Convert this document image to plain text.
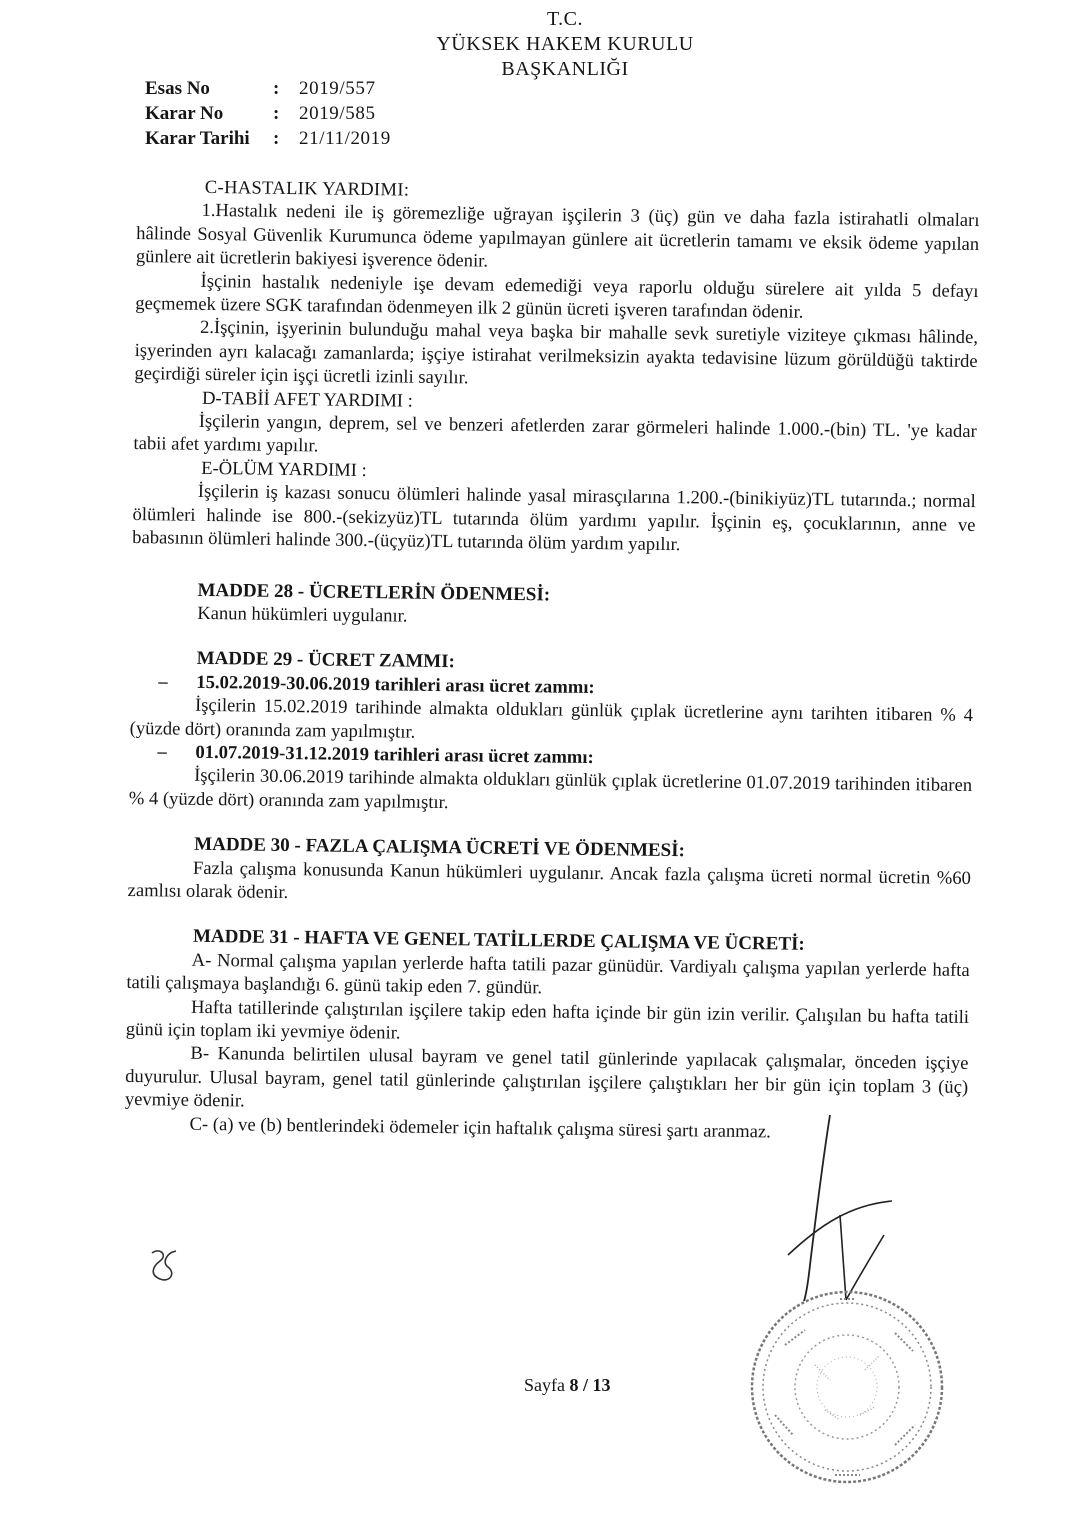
T.C.
YÜKSEK HAKEM KURULU
BAŞKANLIĞI
Esas No	:	2019/557
Karar No	:	2019/585
Karar Tarihi	:	21/11/2019

C-HASTALIK YARDIMI:

1.Hastalık nedeni ile iş göremezliğe uğrayan işçilerin 3 (üç) gün ve daha fazla istirahatli olmaları hâlinde Sosyal Güvenlik Kurumunca ödeme yapılmayan günlere ait ücretlerin tamamı ve eksik ödeme yapılan günlere ait ücretlerin bakiyesi işverence ödenir.

İşçinin hastalık nedeniyle işe devam edemediği veya raporlu olduğu sürelere ait yılda 5 defayı geçmemek üzere SGK tarafından ödenmeyen ilk 2 günün ücreti işveren tarafından ödenir.

2.İşçinin, işyerinin bulunduğu mahal veya başka bir mahalle sevk suretiyle viziteye çıkması hâlinde, işyerinden ayrı kalacağı zamanlarda; işçiye istirahat verilmeksizin ayakta tedavisine lüzum görüldüğü taktirde geçirdiği süreler için işçi ücretli izinli sayılır.

D-TABİİ AFET YARDIMI :

İşçilerin yangın, deprem, sel ve benzeri afetlerden zarar görmeleri halinde 1.000.-(bin) TL. 'ye kadar tabii afet yardımı yapılır.

E-ÖLÜM YARDIMI :

İşçilerin iş kazası sonucu ölümleri halinde yasal mirasçılarına 1.200.-(binikiyüz)TL tutarında.; normal ölümleri halinde ise 800.-(sekizyüz)TL tutarında ölüm yardımı yapılır. İşçinin eş, çocuklarının, anne ve babasının ölümleri halinde 300.-(üçyüz)TL tutarında ölüm yardım yapılır.

MADDE 28 - ÜCRETLERİN ÖDENMESİ:

Kanun hükümleri uygulanır.

MADDE 29 - ÜCRET ZAMMI:

–	15.02.2019-30.06.2019 tarihleri arası ücret zammı:

İşçilerin 15.02.2019 tarihinde almakta oldukları günlük çıplak ücretlerine aynı tarihten itibaren % 4 (yüzde dört) oranında zam yapılmıştır.

–	01.07.2019-31.12.2019 tarihleri arası ücret zammı:

İşçilerin 30.06.2019 tarihinde almakta oldukları günlük çıplak ücretlerine 01.07.2019 tarihinden itibaren % 4 (yüzde dört) oranında zam yapılmıştır.

MADDE 30 - FAZLA ÇALIŞMA ÜCRETİ VE ÖDENMESİ:

Fazla çalışma konusunda Kanun hükümleri uygulanır. Ancak fazla çalışma ücreti normal ücretin %60 zamlısı olarak ödenir.

MADDE 31 - HAFTA VE GENEL TATİLLERDE ÇALIŞMA VE ÜCRETİ:

A- Normal çalışma yapılan yerlerde hafta tatili pazar günüdür. Vardiyalı çalışma yapılan yerlerde hafta tatili çalışmaya başlandığı 6. günü takip eden 7. gündür.

Hafta tatillerinde çalıştırılan işçilere takip eden hafta içinde bir gün izin verilir. Çalışılan bu hafta tatili günü için toplam iki yevmiye ödenir.

B- Kanunda belirtilen ulusal bayram ve genel tatil günlerinde yapılacak çalışmalar, önceden işçiye duyurulur. Ulusal bayram, genel tatil günlerinde çalıştırılan işçilere çalıştıkları her bir gün için toplam 3 (üç) yevmiye ödenir.

C- (a) ve (b) bentlerindeki ödemeler için haftalık çalışma süresi şartı aranmaz.

Sayfa 8 / 13
